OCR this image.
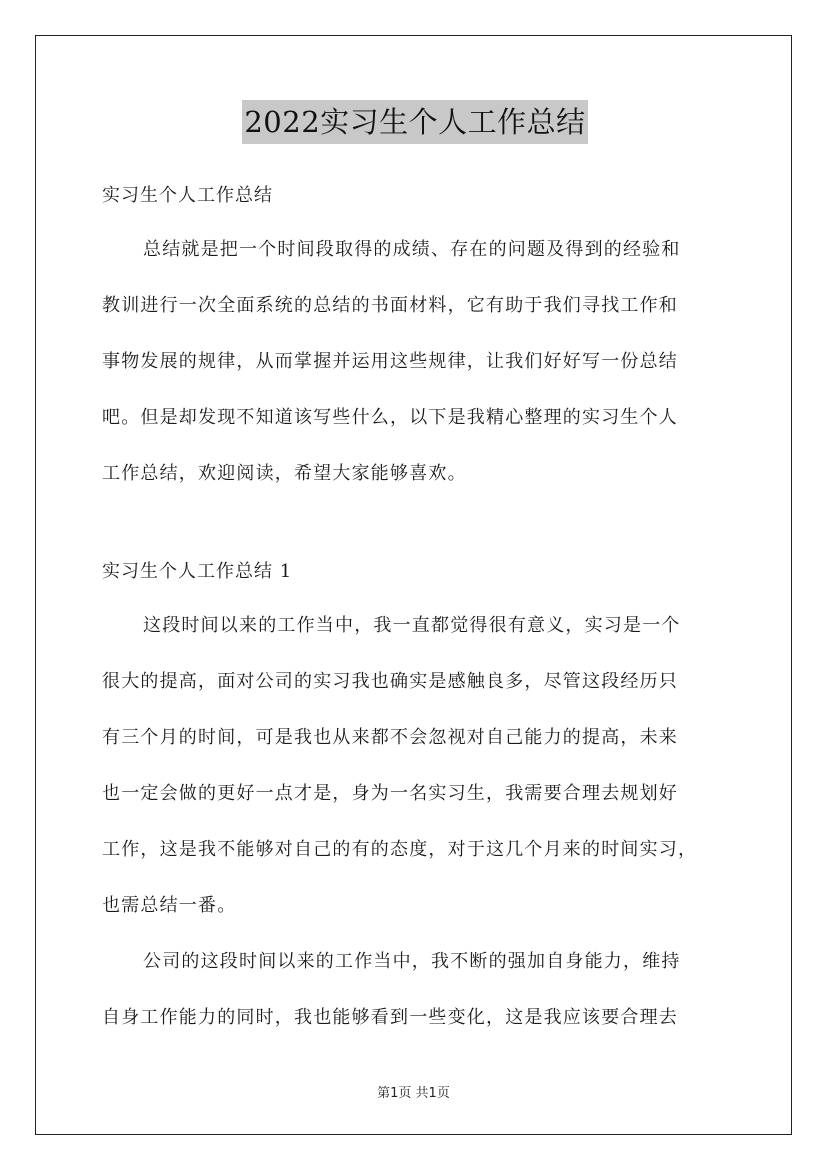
2022实习生个人工作总结
实习生个人工作总结
总结就是把一个时间段取得的成绩、存在的问题及得到的经验和
教训进行一次全面系统的总结的书面材料，它有助于我们寻找工作和
事物发展的规律，从而掌握并运用这些规律，让我们好好写一份总结
吧。但是却发现不知道该写些什么，以下是我精心整理的实习生个人
工作总结，欢迎阅读，希望大家能够喜欢。
实习生个人工作总结 1
这段时间以来的工作当中，我一直都觉得很有意义，实习是一个
很大的提高，面对公司的实习我也确实是感触良多，尽管这段经历只
有三个月的时间，可是我也从来都不会忽视对自己能力的提高，未来
也一定会做的更好一点才是，身为一名实习生，我需要合理去规划好
工作，这是我不能够对自己的有的态度，对于这几个月来的时间实习，
也需总结一番。
公司的这段时间以来的工作当中，我不断的强加自身能力，维持
自身工作能力的同时，我也能够看到一些变化，这是我应该要合理去
第1页 共1页
